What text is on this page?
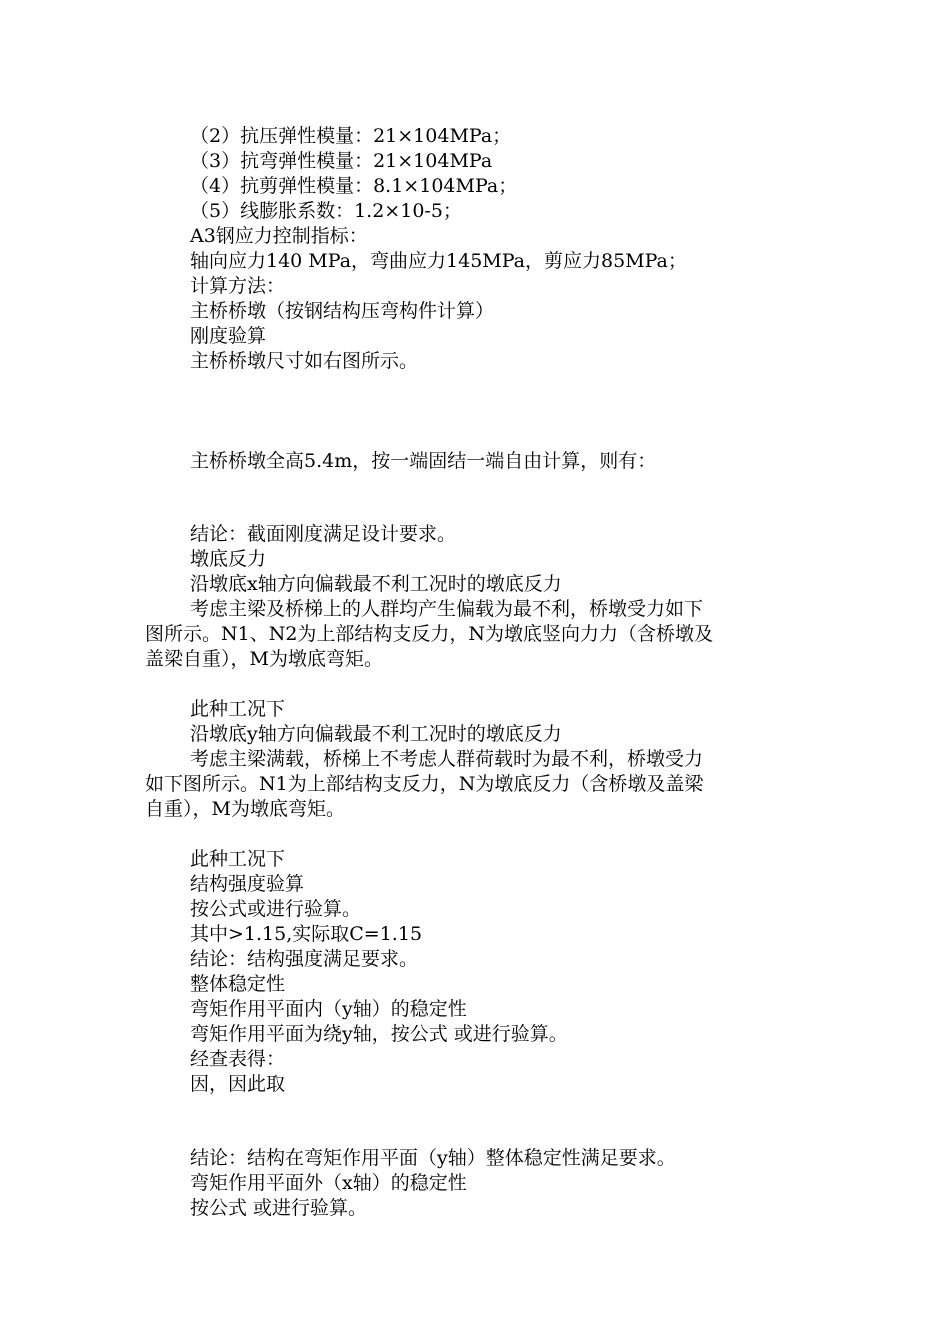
（2）抗压弹性模量：21×104MPa；
（3）抗弯弹性模量：21×104MPa
（4）抗剪弹性模量：8.1×104MPa；
（5）线膨胀系数：1.2×10-5；
A3钢应力控制指标：
轴向应力140 MPa，弯曲应力145MPa，剪应力85MPa；
计算方法：
主桥桥墩（按钢结构压弯构件计算）
刚度验算
主桥桥墩尺寸如右图所示。
主桥桥墩全高5.4m，按一端固结一端自由计算，则有：
结论：截面刚度满足设计要求。
墩底反力
沿墩底x轴方向偏载最不利工况时的墩底反力
考虑主梁及桥梯上的人群均产生偏载为最不利，桥墩受力如下
图所示。N1、N2为上部结构支反力，N为墩底竖向力力（含桥墩及
盖梁自重），M为墩底弯矩。
此种工况下
沿墩底y轴方向偏载最不利工况时的墩底反力
考虑主梁满载，桥梯上不考虑人群荷载时为最不利，桥墩受力
如下图所示。N1为上部结构支反力，N为墩底反力（含桥墩及盖梁
自重），M为墩底弯矩。
此种工况下
结构强度验算
按公式或进行验算。
其中>1.15,实际取C=1.15
结论：结构强度满足要求。
整体稳定性
弯矩作用平面内（y轴）的稳定性
弯矩作用平面为绕y轴，按公式 或进行验算。
经查表得：
因，因此取
结论：结构在弯矩作用平面（y轴）整体稳定性满足要求。
弯矩作用平面外（x轴）的稳定性
按公式 或进行验算。
